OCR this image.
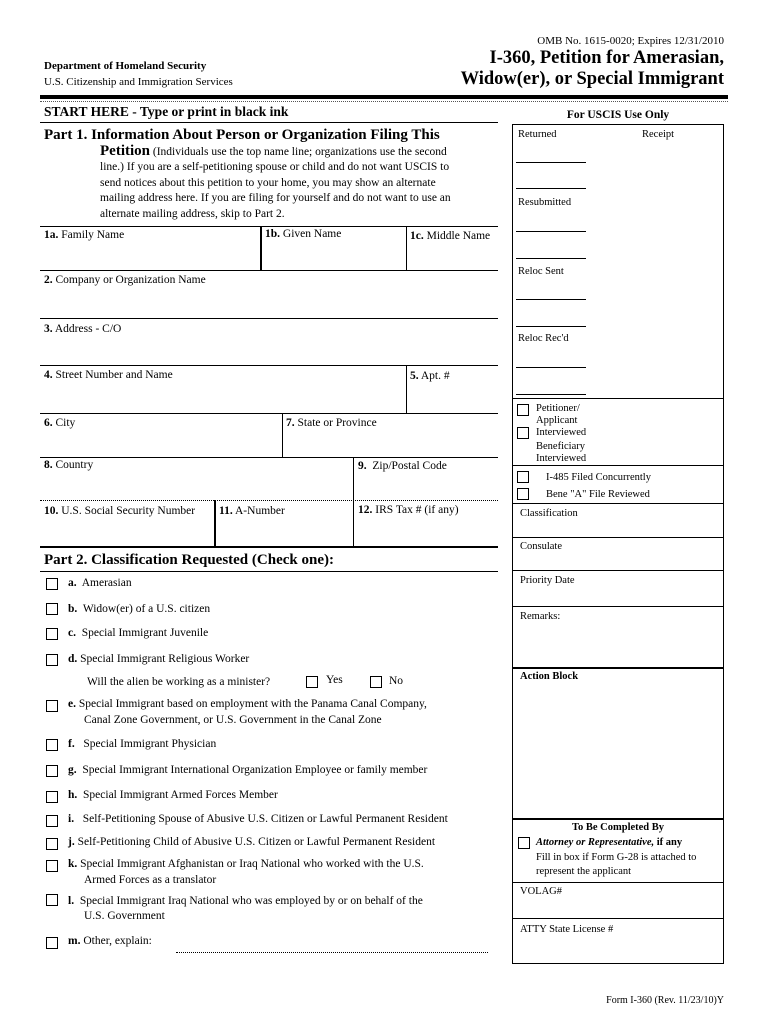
Department of Homeland Security
U.S. Citizenship and Immigration Services
OMB No. 1615-0020; Expires 12/31/2010
I-360, Petition for Amerasian,
Widow(er), or Special Immigrant
START HERE - Type or print in black ink
Part 1. Information About Person or Organization Filing This
Petition (Individuals use the top name line; organizations use the second
line.) If you are a self-petitioning spouse or child and do not want USCIS to
send notices about this petition to your home, you may show an alternate
mailing address here. If you are filing for yourself and do not want to use an
alternate mailing address, skip to Part 2.
1a. Family Name	1b. Given Name	1c. Middle Name
2. Company or Organization Name
3. Address - C/O
4. Street Number and Name	5. Apt. #
6. City	7. State or Province
8. Country	9. Zip/Postal Code
10. U.S. Social Security Number	11. A-Number	12. IRS Tax # (if any)
Part 2. Classification Requested (Check one):
a. Amerasian
b. Widow(er) of a U.S. citizen
c. Special Immigrant Juvenile
d. Special Immigrant Religious Worker
Will the alien be working as a minister?	Yes	No
e. Special Immigrant based on employment with the Panama Canal Company,
Canal Zone Government, or U.S. Government in the Canal Zone
f. Special Immigrant Physician
g. Special Immigrant International Organization Employee or family member
h. Special Immigrant Armed Forces Member
i. Self-Petitioning Spouse of Abusive U.S. Citizen or Lawful Permanent Resident
j. Self-Petitioning Child of Abusive U.S. Citizen or Lawful Permanent Resident
k. Special Immigrant Afghanistan or Iraq National who worked with the U.S.
Armed Forces as a translator
l. Special Immigrant Iraq National who was employed by or on behalf of the
U.S. Government
m. Other, explain:
For USCIS Use Only
Returned	Receipt
Resubmitted
Reloc Sent
Reloc Rec'd
Petitioner/
Applicant
Interviewed
Beneficiary
Interviewed
I-485 Filed Concurrently
Bene "A" File Reviewed
Classification
Consulate
Priority Date
Remarks:
Action Block
To Be Completed By
Attorney or Representative, if any
Fill in box if Form G-28 is attached to
represent the applicant
VOLAG#
ATTY State License #
Form I-360 (Rev. 11/23/10)Y
